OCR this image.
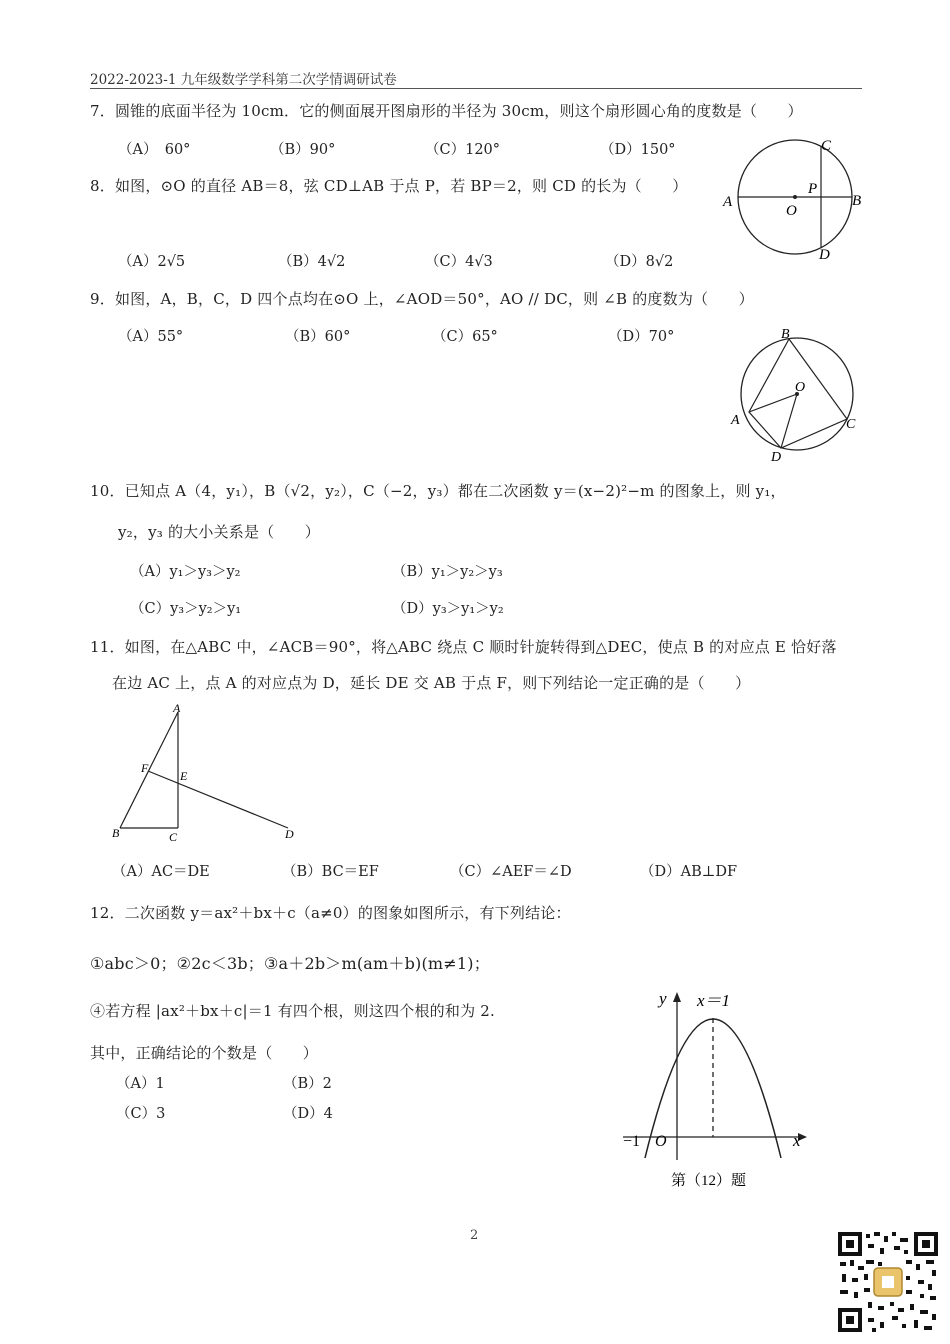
2022-2023-1 九年级数学学科第二次学情调研试卷
7．圆锥的底面半径为 10cm．它的侧面展开图扇形的半径为 30cm，则这个扇形圆心角的度数是（　　）
（A）　60°	（B）90°	（C）120°	（D）150°
8．如图，⊙O 的直径 AB＝8，弦 CD⊥AB 于点 P，若 BP＝2，则 CD 的长为（　　）
（A）2√5	（B）4√2	（C）4√3	（D）8√2
A	B
C
D
O
P
9．如图，A，B，C，D 四个点均在⊙O 上，∠AOD＝50°，AO // DC，则 ∠B 的度数为（　　）
（A）55°	（B）60°	（C）65°	（D）70°	B
O
A	C
D
10．已知点 A（4，y₁），B（√2，y₂），C（−2，y₃）都在二次函数 y＝(x−2)²−m 的图象上，则 y₁，
y₂，y₃ 的大小关系是（　　）
（A）y₁＞y₃＞y₂	（B）y₁＞y₂＞y₃
（C）y₃＞y₂＞y₁	（D）y₃＞y₁＞y₂
11．如图，在△ABC 中，∠ACB＝90°，将△ABC 绕点 C 顺时针旋转得到△DEC，使点 B 的对应点 E 恰好落
在边 AC 上，点 A 的对应点为 D，延长 DE 交 AB 于点 F，则下列结论一定正确的是（　　）
A
B	C	D
E
F
（A）AC＝DE	（B）BC＝EF	（C）∠AEF＝∠D	（D）AB⊥DF
12．二次函数 y＝ax²＋bx＋c（a≠0）的图象如图所示，有下列结论：
①abc＞0；②2c＜3b；③a＋2b＞m(am＋b)(m≠1)；
④若方程 |ax²＋bx＋c|＝1 有四个根，则这四个根的和为 2.
其中，正确结论的个数是（　　）
（A）1	（B）2
（C）3	（D）4
y
x
x＝1
−1 O
第（12）题
2
